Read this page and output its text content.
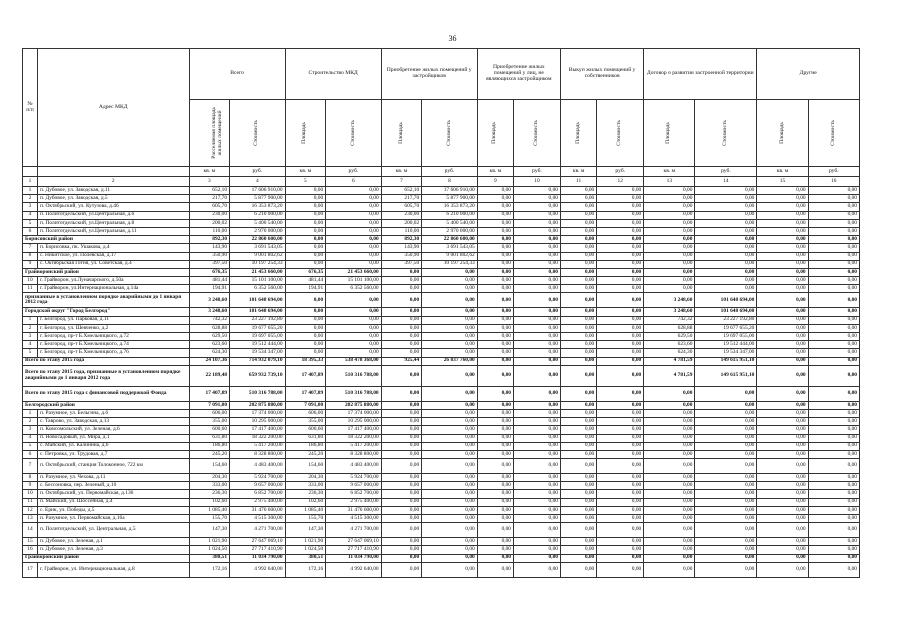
36
№
п/п	Адрес МКД	Всего		Строительство МКД		Приобретение жилых помещений у застройщиков		Приобретение жилых помещений у лиц, не являющихся застройщиком		Выкуп жилых помещений у собственников		Договор о развитии застроенной территории		Другие	
		Расселяемая площадь жилых помещений	Стоимость	Площадь	Стоимость	Площадь	Стоимость	Площадь	Стоимость	Площадь	Стоимость	Площадь	Стоимость	Площадь	Стоимость
		кв. м	руб.	кв. м	руб.	кв. м	руб.	кв. м	руб.	кв. м	руб.	кв. м	руб.	кв. м	руб.
1	2	3	4	5	6	7	8	9	10	11	12	13	14	15	16
1	п. Дубовое, ул. Заводская, д.11	652,10	17 606 910,00	0,00	0,00	652,10	17 606 910,00	0,00	0,00	0,00	0,00	0,00	0,00	0,00	0,00
2	п. Дубовое, ул. Заводская, д.5	217,70	5 877 900,00	0,00	0,00	217,70	5 877 900,00	0,00	0,00	0,00	0,00	0,00	0,00	0,00	0,00
3	п. Октябрьский, ул. Кутузова, д.46	605,70	16 353 873,20	0,00	0,00	605,70	16 353 873,20	0,00	0,00	0,00	0,00	0,00	0,00	0,00	0,00
4	п. Политотдельский, ул.Центральная, д.6	230,00	6 210 000,00	0,00	0,00	230,00	6 210 000,00	0,00	0,00	0,00	0,00	0,00	0,00	0,00	0,00
5	п. Политотдельский, ул.Центральная, д.8	200,02	5 400 540,00	0,00	0,00	200,02	5 400 540,00	0,00	0,00	0,00	0,00	0,00	0,00	0,00	0,00
6	п. Политотдельский, ул.Центральная, д.11	110,00	2 970 000,00	0,00	0,00	110,00	2 970 000,00	0,00	0,00	0,00	0,00	0,00	0,00	0,00	0,00
Борисовский район		892,30	22 860 600,00	0,00	0,00	892,30	22 860 600,00	0,00	0,00	0,00	0,00	0,00	0,00	0,00	0,00
7	п. Борисовка, пк. Ушакова, д.4	143,90	3 691 543,05	0,00	0,00	143,90	3 691 543,05	0,00	0,00	0,00	0,00	0,00	0,00	0,00	0,00
8	с. Никитское, ул. Полевская, д.17	350,90	9 001 802,62	0,00	0,00	350,90	9 001 802,62	0,00	0,00	0,00	0,00	0,00	0,00	0,00	0,00
9	с. Октябрьская Готня, ул. Советская, д.4	397,50	10 197 254,33	0,00	0,00	397,50	10 197 254,33	0,00	0,00	0,00	0,00	0,00	0,00	0,00	0,00
Грайворонский район		676,35	21 453 660,00	676,35	21 453 660,00	0,00	0,00	0,00	0,00	0,00	0,00	0,00	0,00	0,00	0,00
10	г. Грайворон, ул.Луначарского, д.50а	481,44	15 101 100,00	481,44	15 101 100,00	0,00	0,00	0,00	0,00	0,00	0,00	0,00	0,00	0,00	0,00
11	г. Грайворон, ул.Интернациональная, д.14а	194,91	6 352 560,00	194,91	6 352 560,00	0,00	0,00	0,00	0,00	0,00	0,00	0,00	0,00	0,00	0,00
признанные в установленном порядке аварийными до 1 января 2012 года		3 248,60	101 648 694,00	0,00	0,00	0,00	0,00	0,00	0,00	0,00	0,00	3 248,60	101 648 694,00	0,00	0,00
Городской округ "Город Белгород"		3 248,60	101 648 694,00	0,00	0,00	0,00	0,00	0,00	0,00	0,00	0,00	3 248,60	101 648 694,00	0,00	0,00
1	г. Белгород, ул. Парковая, д.11	742,32	23 227 192,80	0,00	0,00	0,00	0,00	0,00	0,00	0,00	0,00	742,32	23 227 192,80	0,00	0,00
2	г. Белгород, ул. Шевченко, д.2	628,88	19 677 655,20	0,00	0,00	0,00	0,00	0,00	0,00	0,00	0,00	628,88	19 677 655,20	0,00	0,00
3	г. Белгород, пр-т Б.Хмельницкого, д.72	629,50	19 697 055,00	0,00	0,00	0,00	0,00	0,00	0,00	0,00	0,00	629,50	19 697 055,00	0,00	0,00
4	г. Белгород, пр-т Б.Хмельницкого, д.74	623,60	19 512 444,00	0,00	0,00	0,00	0,00	0,00	0,00	0,00	0,00	623,60	19 512 444,00	0,00	0,00
5	г. Белгород, пр-т Б.Хмельницкого, д.76	624,30	19 534 347,00	0,00	0,00	0,00	0,00	0,00	0,00	0,00	0,00	624,30	19 534 347,00	0,00	0,00
Всего по этапу 2015 года		24 107,36	714 932 079,10	18 395,33	538 478 368,00	925,44	26 837 760,00	0,00	0,00	0,00	0,00	4 781,59	149 615 951,10	0,00	0,00
Всего по этапу 2015 года, признанные в установленном порядке аварийными до 1 января 2012 года		22 189,48	659 932 739,10	17 407,89	510 316 788,00	0,00	0,00	0,00	0,00	0,00	0,00	4 781,59	149 615 951,10	0,00	0,00
Всего по этапу 2015 года с финансовой поддержкой Фонда		17 407,89	510 316 788,00	17 407,89	510 316 788,00	0,00	0,00	0,00	0,00	0,00	0,00	0,00	0,00	0,00	0,00
Белгородский район		7 091,00	202 875 880,00	7 091,00	202 875 880,00	0,00	0,00	0,00	0,00	0,00	0,00	0,00	0,00	0,00	0,00
1	п. Разумное, ул. Бельгина, д.6	606,00	17 374 000,00	606,00	17 374 000,00	0,00	0,00	0,00	0,00	0,00	0,00	0,00	0,00	0,00	0,00
2	с. Таврово, ул. Заводская, д.13	355,00	10 295 000,00	355,00	10 295 000,00	0,00	0,00	0,00	0,00	0,00	0,00	0,00	0,00	0,00	0,00
3	п. Комсомольский, ул. Зеленая, д.6	600,60	17 417 400,00	600,60	17 417 400,00	0,00	0,00	0,00	0,00	0,00	0,00	0,00	0,00	0,00	0,00
4	п. Новосадовый, ул. Мира, д.1	631,80	18 322 200,00	631,80	18 322 200,00	0,00	0,00	0,00	0,00	0,00	0,00	0,00	0,00	0,00	0,00
5	с. Майский, ул. Калинина, д.6	186,80	5 417 200,00	186,80	5 417 200,00	0,00	0,00	0,00	0,00	0,00	0,00	0,00	0,00	0,00	0,00
6	с. Петровка, ул. Трудовая, д.7	245,20	8 328 800,00	245,20	8 328 800,00	0,00	0,00	0,00	0,00	0,00	0,00	0,00	0,00	0,00	0,00
7	п. Октябрьский, станция Толоконное, 722 км	154,60	4 483 400,00	154,60	4 483 400,00	0,00	0,00	0,00	0,00	0,00	0,00	0,00	0,00	0,00	0,00
8	п. Разумное, ул. Чехова, д.11	204,30	5 924 700,00	204,30	5 924 700,00	0,00	0,00	0,00	0,00	0,00	0,00	0,00	0,00	0,00	0,00
9	с. Бессоновка, пер. Зеленый, д.10	333,00	9 657 000,00	333,00	9 657 000,00	0,00	0,00	0,00	0,00	0,00	0,00	0,00	0,00	0,00	0,00
10	п. Октябрьский, ул. Первомайская, д.136	236,30	6 852 700,00	236,30	6 852 700,00	0,00	0,00	0,00	0,00	0,00	0,00	0,00	0,00	0,00	0,00
11	п. Майский, ул. Шоссейная, д.4	102,60	2 975 400,00	102,60	2 975 400,00	0,00	0,00	0,00	0,00	0,00	0,00	0,00	0,00	0,00	0,00
12	с. Ерик, ул. Победы, д.5	1 085,40	31 476 600,00	1 085,40	31 476 600,00	0,00	0,00	0,00	0,00	0,00	0,00	0,00	0,00	0,00	0,00
13	п. Разумное, ул. Первомайская, д.16а	155,70	4 515 300,00	155,70	4 515 300,00	0,00	0,00	0,00	0,00	0,00	0,00	0,00	0,00	0,00	0,00
14	п. Политотдельский, ул. Центральная, д.5	147,30	4 271 700,00	147,30	4 271 700,00	0,00	0,00	0,00	0,00	0,00	0,00	0,00	0,00	0,00	0,00
15	п. Дубовое, ул. Зеленая, д.1	1 021,90	27 647 069,10	1 021,90	27 647 069,10	0,00	0,00	0,00	0,00	0,00	0,00	0,00	0,00	0,00	0,00
16	п. Дубовое, ул. Зеленая, д.3	1 024,50	27 717 410,90	1 024,50	27 717 410,90	0,00	0,00	0,00	0,00	0,00	0,00	0,00	0,00	0,00	0,00
Грайворонский район		380,51	11 034 790,00	380,51	11 034 790,00	0,00	0,00	0,00	0,00	0,00	0,00	0,00	0,00	0,00	0,00
17	г. Грайворон, ул. Интернациональная, д.8	172,16	4 992 640,00	172,16	4 992 640,00	0,00	0,00	0,00	0,00	0,00	0,00	0,00	0,00	0,00	0,00
